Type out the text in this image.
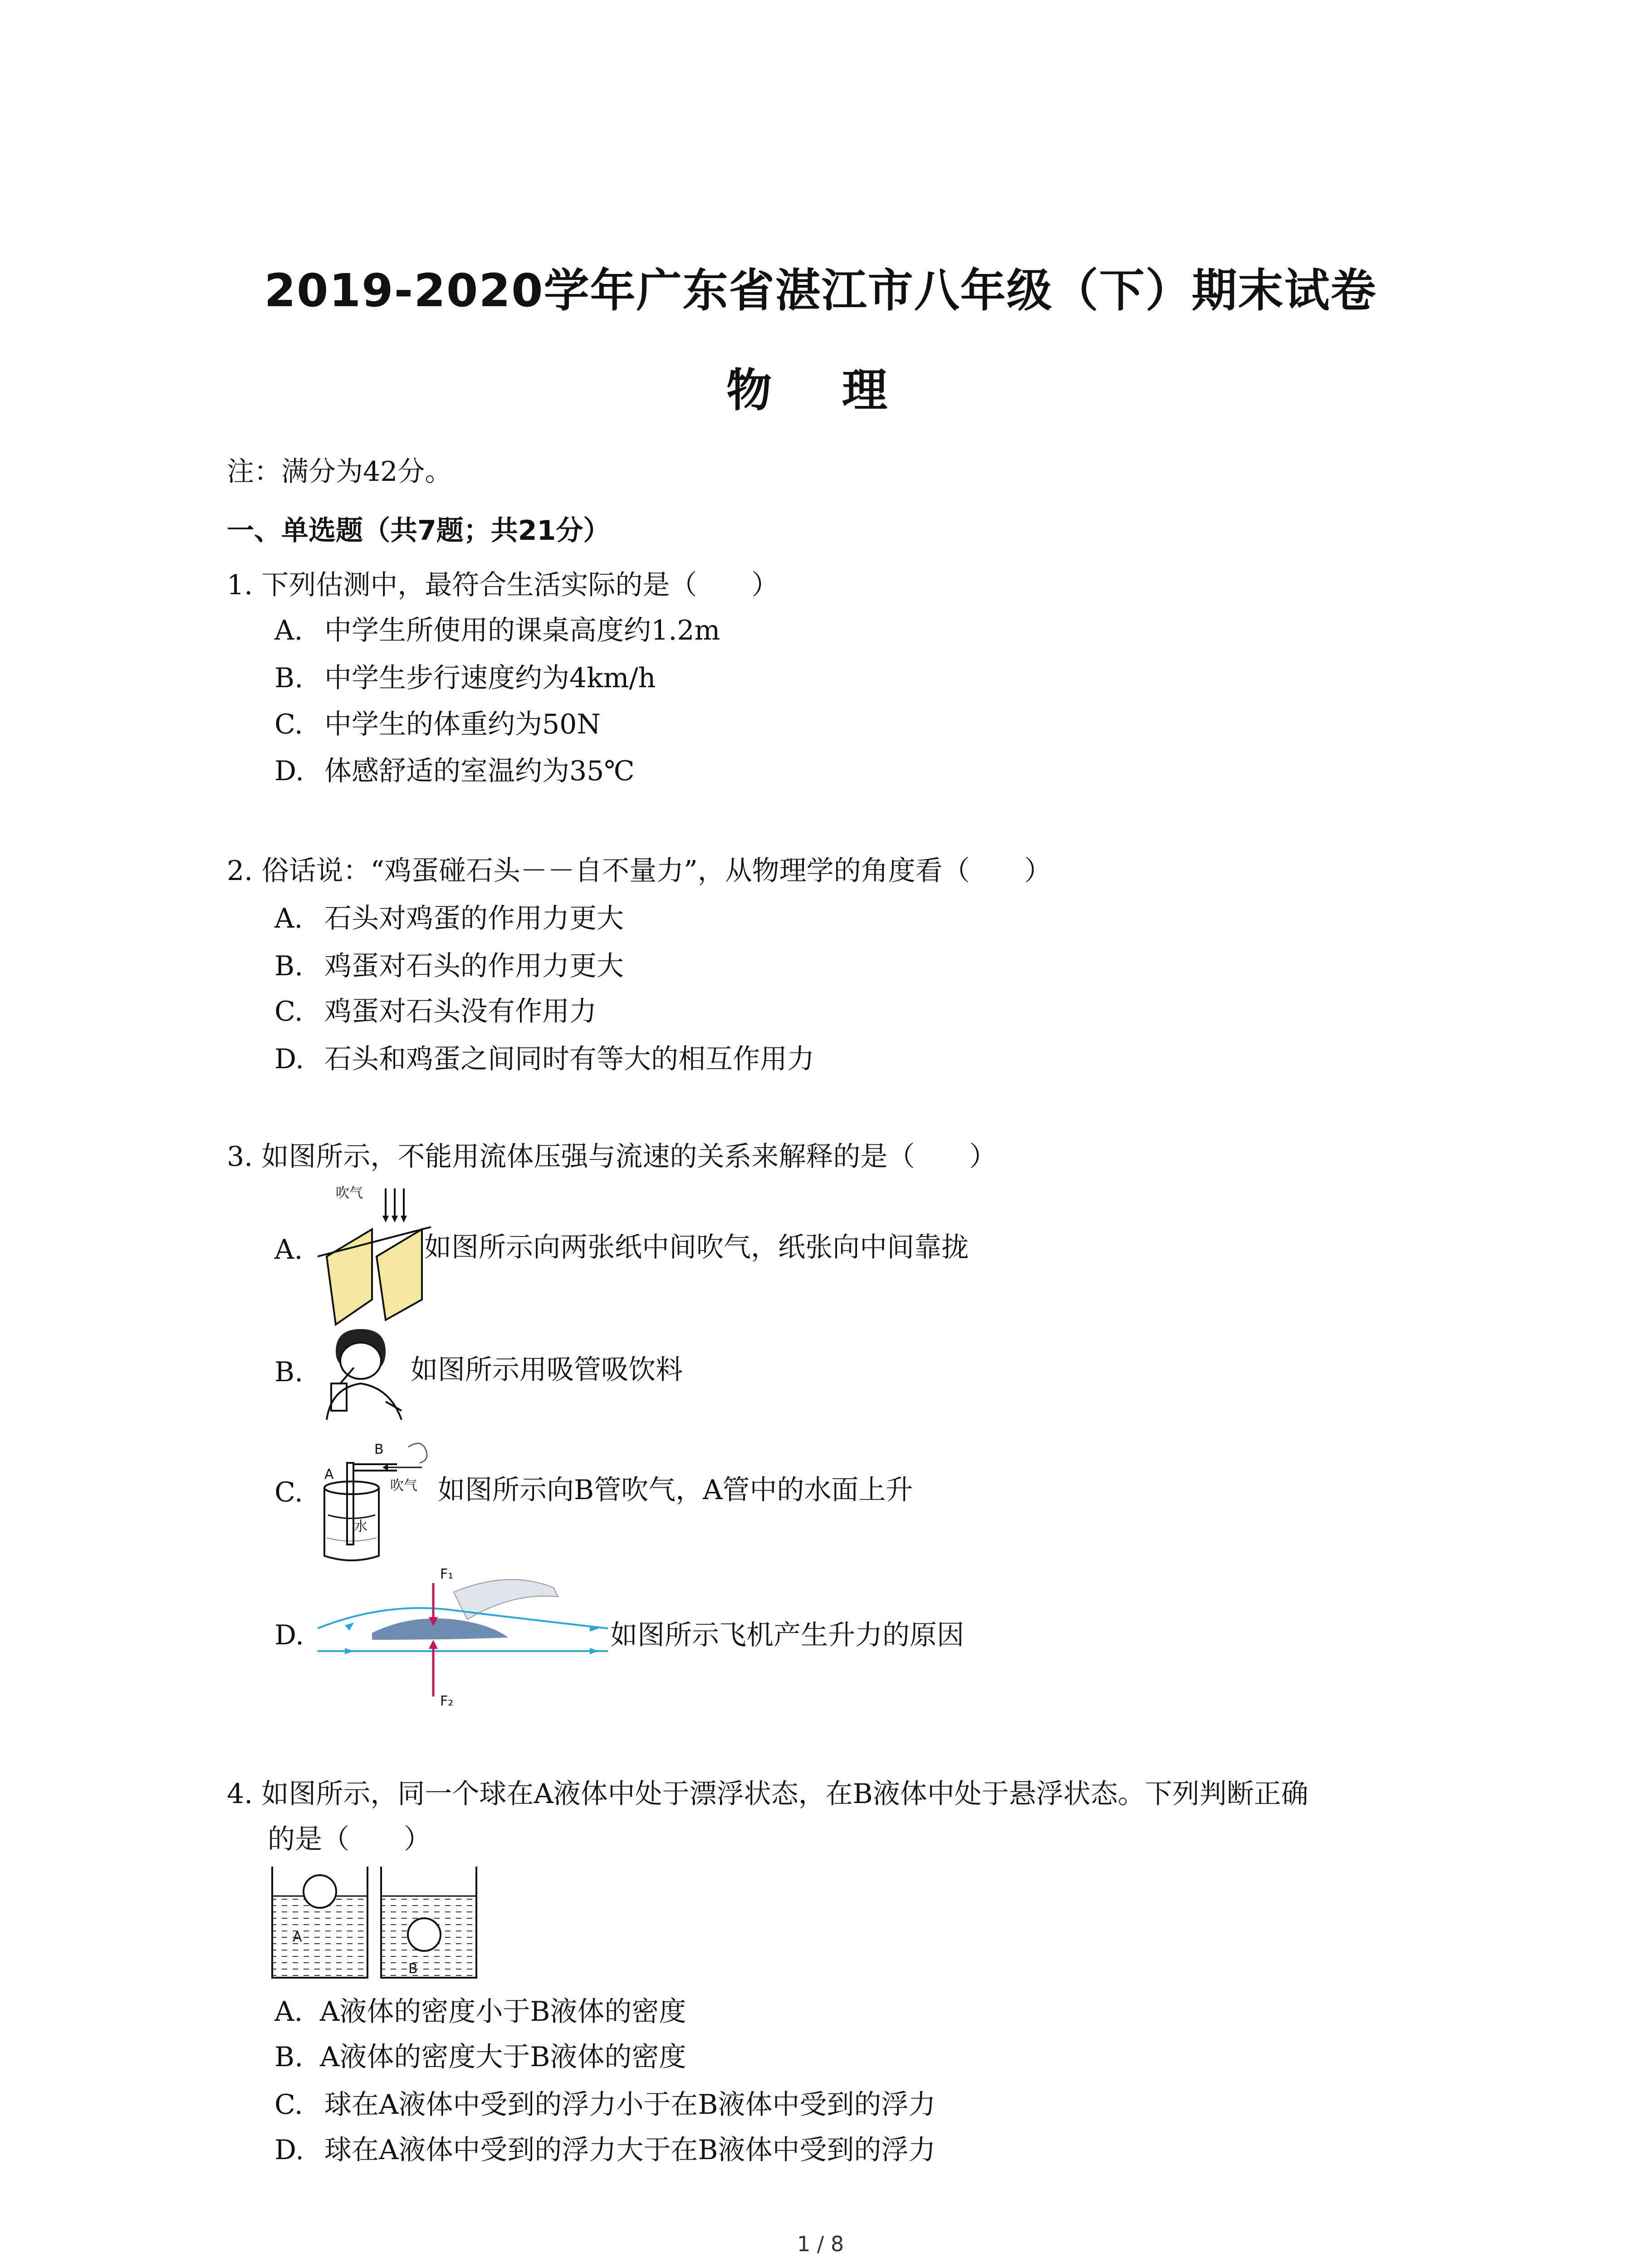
2019-2020学年广东省湛江市八年级（下）期末试卷
物 理
注：满分为42分。
一、单选题（共7题；共21分）
1. 下列估测中，最符合生活实际的是（　　）
A. 中学生所使用的课桌高度约1.2m
B. 中学生步行速度约为4km/h
C. 中学生的体重约为50N
D. 体感舒适的室温约为35℃
2. 俗话说：“鸡蛋碰石头－－自不量力”，从物理学的角度看（　　）
A. 石头对鸡蛋的作用力更大
B. 鸡蛋对石头的作用力更大
C. 鸡蛋对石头没有作用力
D. 石头和鸡蛋之间同时有等大的相互作用力
3. 如图所示，不能用流体压强与流速的关系来解释的是（　　）
吹气
A.	如图所示向两张纸中间吹气，纸张向中间靠拢
B.	如图所示用吸管吸饮料
A
B
吹气
水
C.	如图所示向B管吹气，A管中的水面上升
F₁
F₂
D.	如图所示飞机产生升力的原因
4. 如图所示，同一个球在A液体中处于漂浮状态，在B液体中处于悬浮状态。下列判断正确
的是（　　）
A
B
A. A液体的密度小于B液体的密度
B. A液体的密度大于B液体的密度
C. 球在A液体中受到的浮力小于在B液体中受到的浮力
D. 球在A液体中受到的浮力大于在B液体中受到的浮力
1 / 8
